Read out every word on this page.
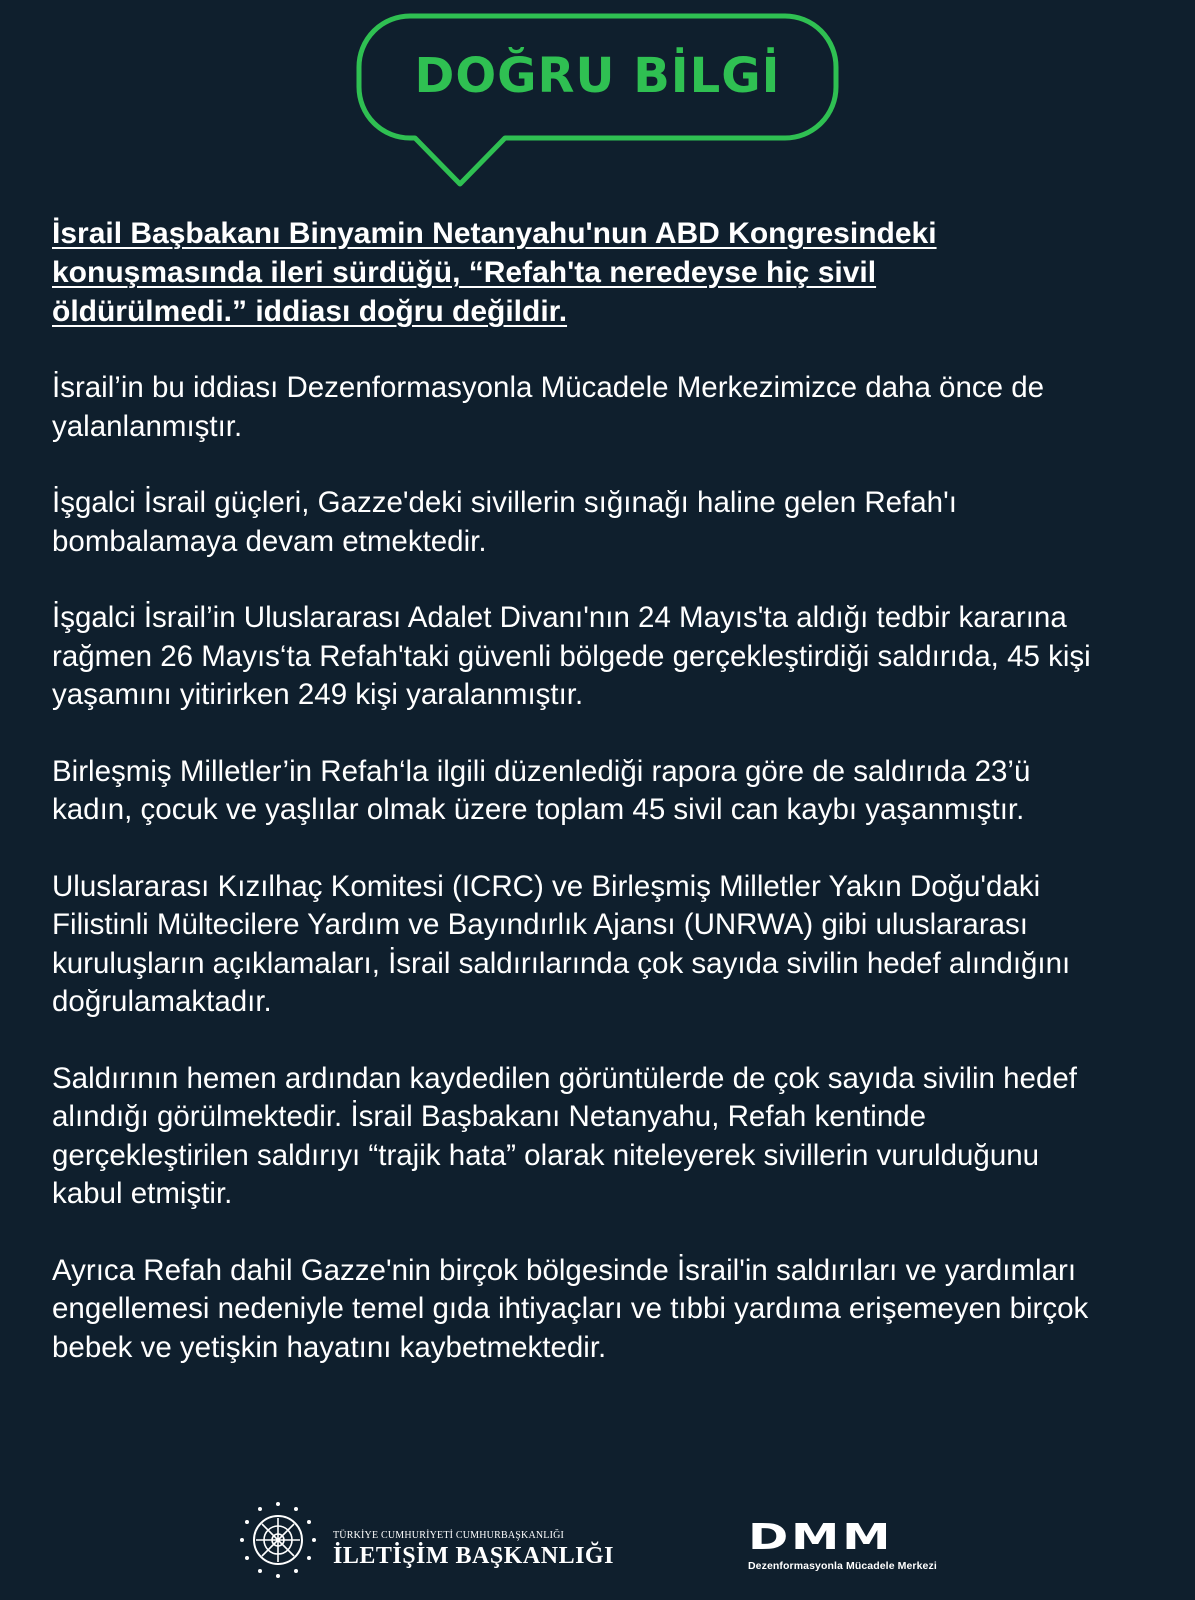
DOĞRU BİLGİ

İsrail Başbakanı Binyamin Netanyahu'nun ABD Kongresindeki konuşmasında ileri sürdüğü, “Refah'ta neredeyse hiç sivil öldürülmedi.” iddiası doğru değildir.

İsrail’in bu iddiası Dezenformasyonla Mücadele Merkezimizce daha önce de yalanlanmıştır.

İşgalci İsrail güçleri, Gazze'deki sivillerin sığınağı haline gelen Refah'ı bombalamaya devam etmektedir.

İşgalci İsrail’in Uluslararası Adalet Divanı'nın 24 Mayıs'ta aldığı tedbir kararına rağmen 26 Mayıs‘ta Refah'taki güvenli bölgede gerçekleştirdiği saldırıda, 45 kişi yaşamını yitirirken 249 kişi yaralanmıştır.

Birleşmiş Milletler’in Refah‘la ilgili düzenlediği rapora göre de saldırıda 23’ü kadın, çocuk ve yaşlılar olmak üzere toplam 45 sivil can kaybı yaşanmıştır.

Uluslararası Kızılhaç Komitesi (ICRC) ve Birleşmiş Milletler Yakın Doğu'daki Filistinli Mültecilere Yardım ve Bayındırlık Ajansı (UNRWA) gibi uluslararası kuruluşların açıklamaları, İsrail saldırılarında çok sayıda sivilin hedef alındığını doğrulamaktadır.

Saldırının hemen ardından kaydedilen görüntülerde de çok sayıda sivilin hedef alındığı görülmektedir. İsrail Başbakanı Netanyahu, Refah kentinde gerçekleştirilen saldırıyı “trajik hata” olarak niteleyerek sivillerin vurulduğunu kabul etmiştir.

Ayrıca Refah dahil Gazze'nin birçok bölgesinde İsrail'in saldırıları ve yardımları engellemesi nedeniyle temel gıda ihtiyaçları ve tıbbi yardıma erişemeyen birçok bebek ve yetişkin hayatını kaybetmektedir.

TÜRKİYE CUMHURİYETİ CUMHURBAŞKANLIĞI
İLETİŞİM BAŞKANLIĞI	DMM
Dezenformasyonla Mücadele Merkezi
